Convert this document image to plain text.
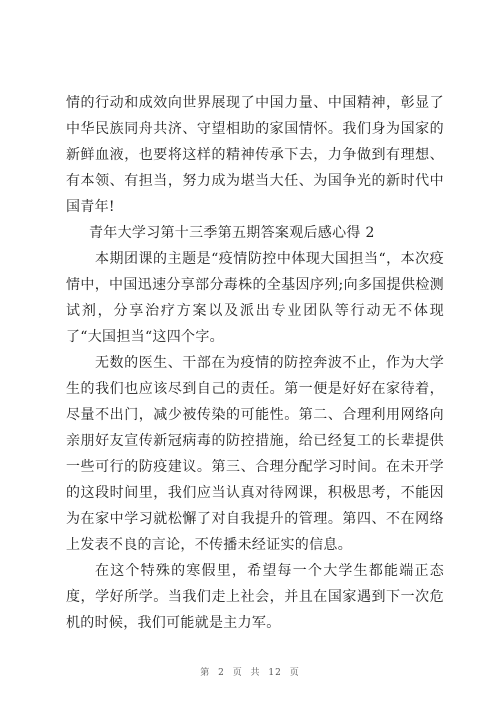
情的行动和成效向世界展现了中国力量、中国精神，彰显了中华民族同舟共济、守望相助的家国情怀。我们身为国家的新鲜血液，也要将这样的精神传承下去，力争做到有理想、有本领、有担当，努力成为堪当大任、为国争光的新时代中国青年!

青年大学习第十三季第五期答案观后感心得 2

本期团课的主题是“疫情防控中体现大国担当“，本次疫情中，中国迅速分享部分毒株的全基因序列;向多国提供检测试剂，分享治疗方案以及派出专业团队等行动无不体现了“大国担当“这四个字。

无数的医生、干部在为疫情的防控奔波不止，作为大学生的我们也应该尽到自己的责任。第一便是好好在家待着，尽量不出门，减少被传染的可能性。第二、合理利用网络向亲朋好友宣传新冠病毒的防控措施，给已经复工的长辈提供一些可行的防疫建议。第三、合理分配学习时间。在未开学的这段时间里，我们应当认真对待网课，积极思考，不能因为在家中学习就松懈了对自我提升的管理。第四、不在网络上发表不良的言论，不传播未经证实的信息。

在这个特殊的寒假里，希望每一个大学生都能端正态度，学好所学。当我们走上社会，并且在国家遇到下一次危机的时候，我们可能就是主力军。

第 2 页 共 12 页
